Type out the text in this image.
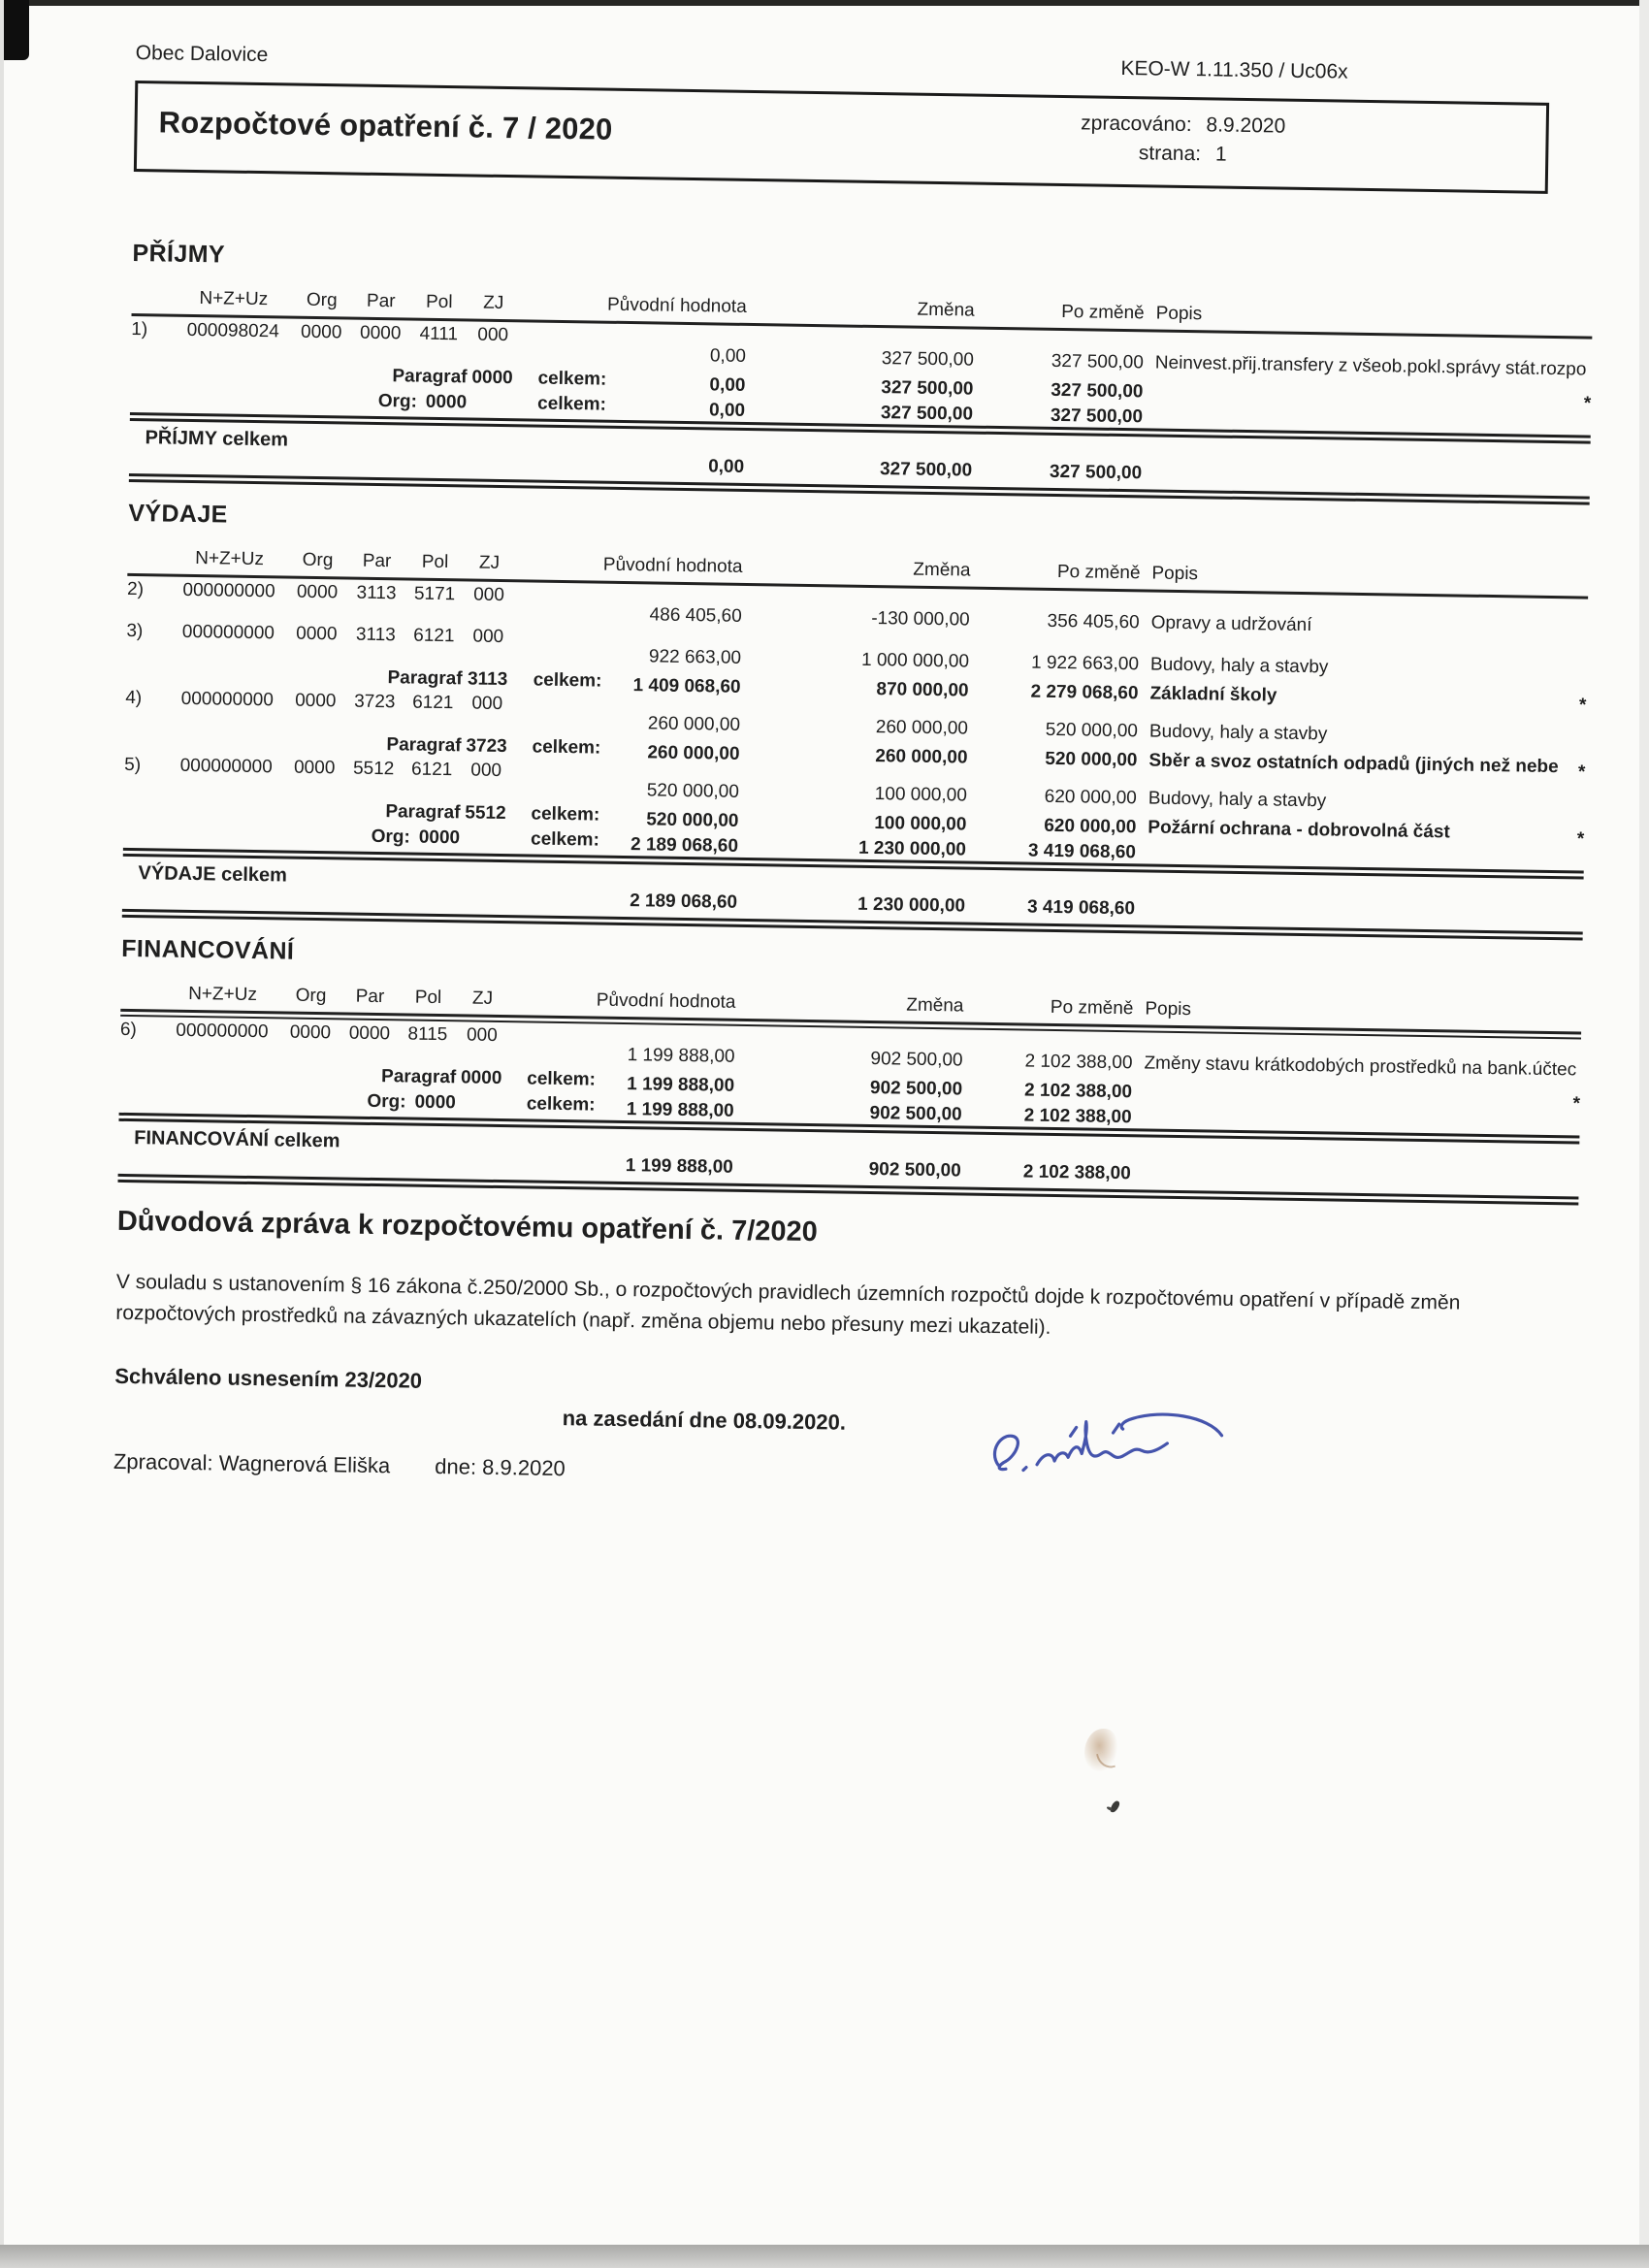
Obec Dalovice
KEO-W 1.11.350 / Uc06x
Rozpočtové opatření č. 7 / 2020	zpracováno: 8.9.2020
strana: 1
PŘÍJMY
N+Z+Uz	Org	Par	Pol	ZJ	Původní hodnota	Změna	Po změně Popis
1)	000098024	0000 0000 4111	000
0,00	327 500,00	327 500,00 Neinvest.přij.transfery z všeob.pokl.správy stát.rozpo
Paragraf 0000 celkem:	0,00	327 500,00	327 500,00
*
Org: 0000	celkem:	0,00	327 500,00	327 500,00
PŘÍJMY celkem
0,00	327 500,00	327 500,00
VÝDAJE
N+Z+Uz	Org	Par	Pol	ZJ	Původní hodnota	Změna	Po změně Popis
2)	000000000	0000	3113 5171 000
486 405,60	-130 000,00	356 405,60 Opravy a udržování
3)	000000000	0000	3113 6121 000
922 663,00	1 000 000,00	1 922 663,00 Budovy, haly a stavby
Paragraf 3113 celkem: 1 409 068,60	870 000,00	2 279 068,60 Základní školy	*
4)	000000000	0000 3723 6121 000
260 000,00	260 000,00	520 000,00 Budovy, haly a stavby
Paragraf 3723 celkem:	260 000,00	260 000,00	520 000,00 Sběr a svoz ostatních odpadů (jiných než nebe	*
5)	000000000	0000 5512 6121 000
520 000,00	100 000,00	620 000,00 Budovy, haly a stavby
Paragraf 5512 celkem:	520 000,00	100 000,00	620 000,00 Požární ochrana - dobrovolná část	*
Org: 0000	celkem: 2 189 068,60	1 230 000,00	3 419 068,60
VÝDAJE celkem
2 189 068,60	1 230 000,00	3 419 068,60
FINANCOVÁNÍ
N+Z+Uz	Org	Par	Pol	ZJ	Původní hodnota	Změna	Po změně Popis
6)	000000000	0000 0000 8115	000
1 199 888,00	902 500,00	2 102 388,00 Změny stavu krátkodobých prostředků na bank.účtec
Paragraf 0000 celkem: 1 199 888,00	902 500,00	2 102 388,00
*
Org: 0000	celkem: 1 199 888,00	902 500,00	2 102 388,00
FINANCOVÁNÍ celkem
1 199 888,00	902 500,00	2 102 388,00
Důvodová zpráva k rozpočtovému opatření č. 7/2020
V souladu s ustanovením § 16 zákona č.250/2000 Sb., o rozpočtových pravidlech územních rozpočtů dojde k rozpočtovému opatření v případě změn rozpočtových prostředků na závazných ukazatelích (např. změna objemu nebo přesuny mezi ukazateli).
Schváleno usnesením 23/2020
na zasedání dne 08.09.2020.
Zpracoval: Wagnerová Eliška dne: 8.9.2020
